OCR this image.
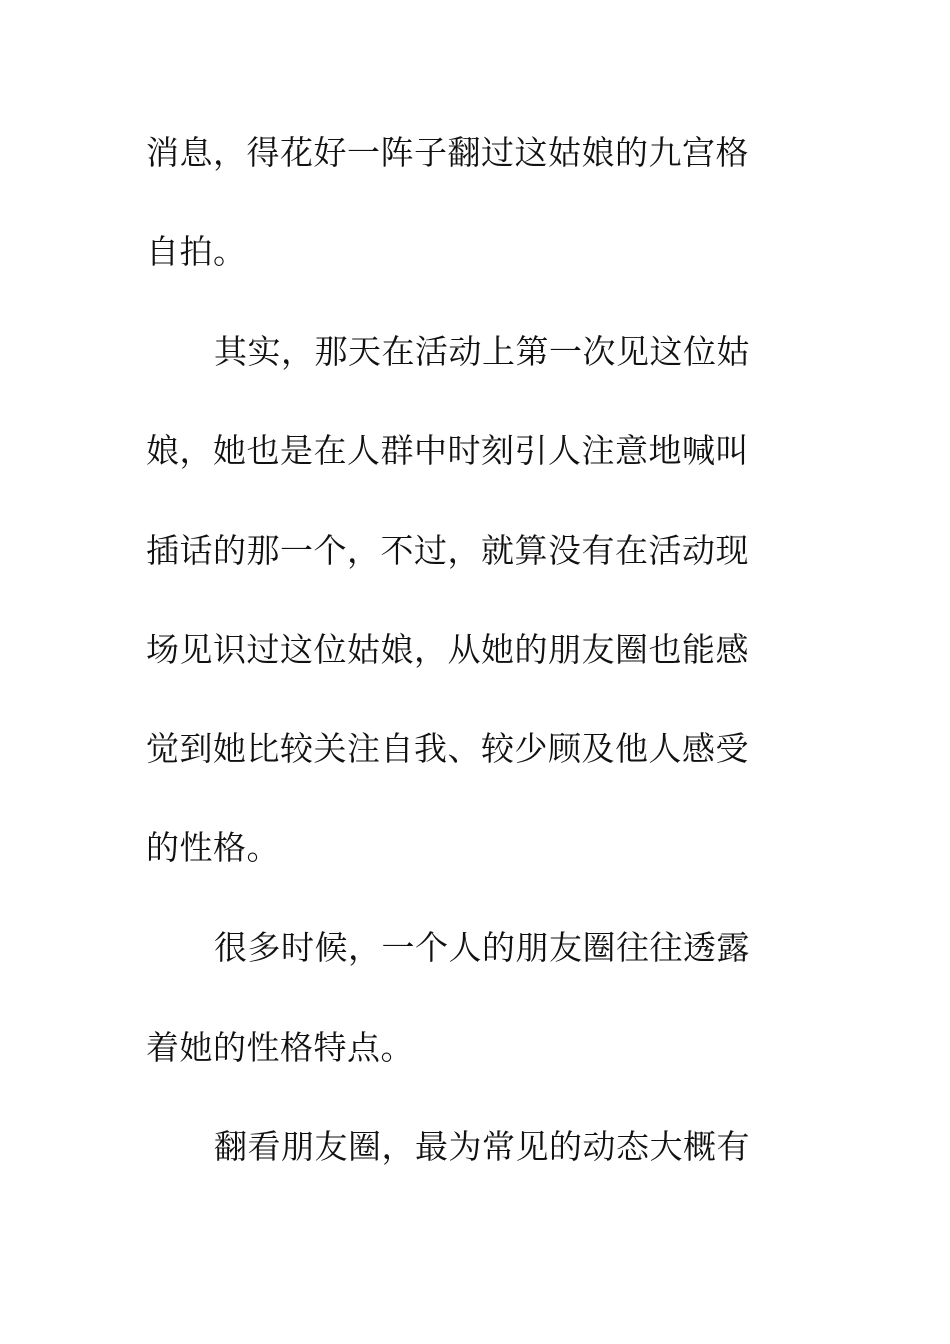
消息，得花好一阵子翻过这姑娘的九宫格
自拍。
其实，那天在活动上第一次见这位姑
娘，她也是在人群中时刻引人注意地喊叫
插话的那一个，不过，就算没有在活动现
场见识过这位姑娘，从她的朋友圈也能感
觉到她比较关注自我、较少顾及他人感受
的性格。
很多时候，一个人的朋友圈往往透露
着她的性格特点。
翻看朋友圈，最为常见的动态大概有
